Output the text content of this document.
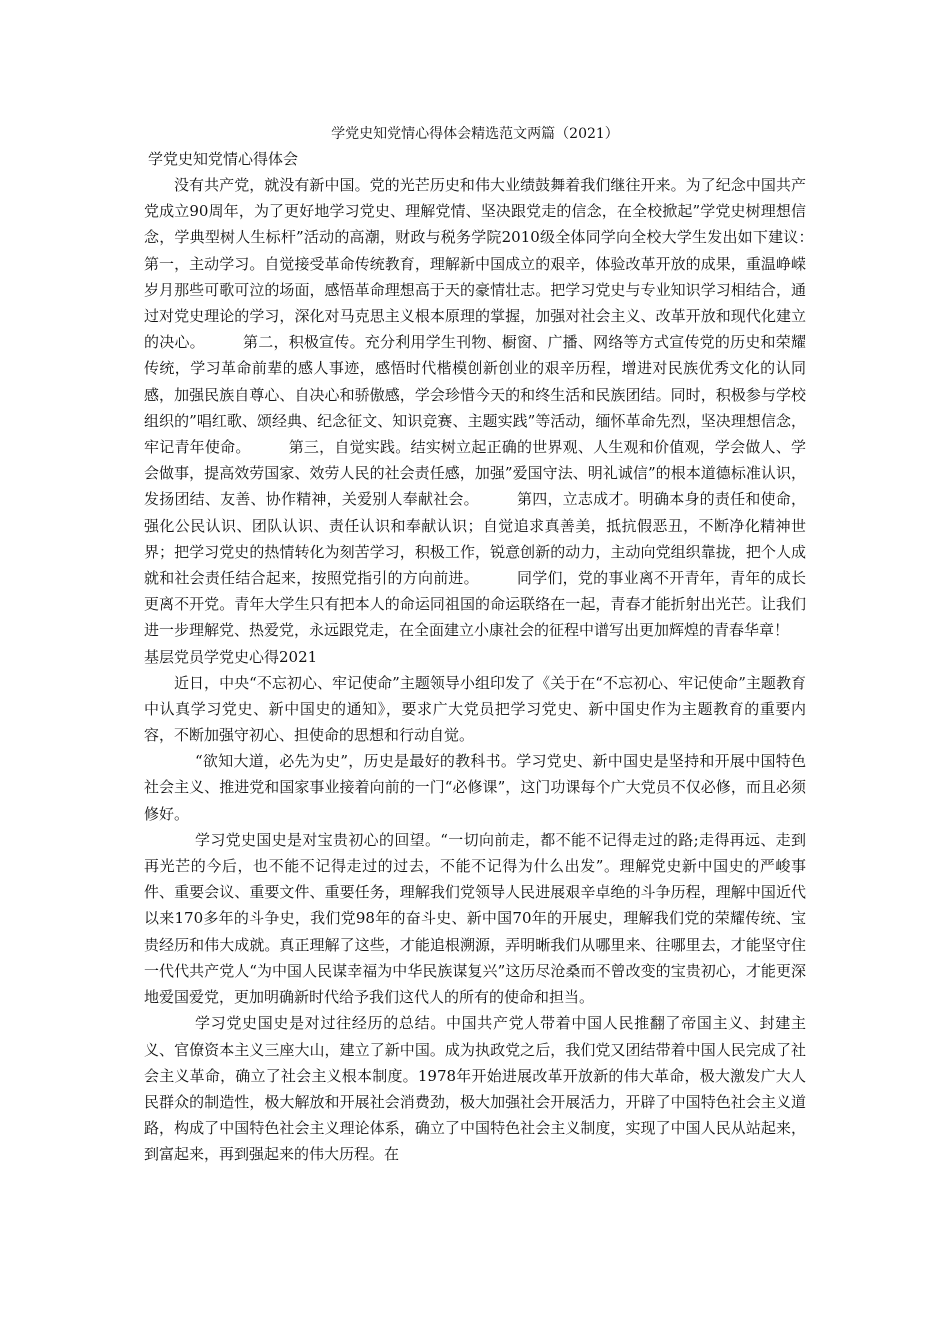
学党史知党情心得体会精选范文两篇（2021）
学党史知党情心得体会

没有共产党，就没有新中国。党的光芒历史和伟大业绩鼓舞着我们继往开来。为了纪念中国共产党成立90周年，为了更好地学习党史、理解党情、坚决跟党走的信念，在全校掀起”学党史树理想信念，学典型树人生标杆”活动的高潮，财政与税务学院2010级全体同学向全校大学生发出如下建议：　　　第一，主动学习。自觉接受革命传统教育，理解新中国成立的艰辛，体验改革开放的成果，重温峥嵘岁月那些可歌可泣的场面，感悟革命理想高于天的豪情壮志。把学习党史与专业知识学习相结合，通过对党史理论的学习，深化对马克思主义根本原理的掌握，加强对社会主义、改革开放和现代化建立的决心。　　　第二，积极宣传。充分利用学生刊物、橱窗、广播、网络等方式宣传党的历史和荣耀传统，学习革命前辈的感人事迹，感悟时代楷模创新创业的艰辛历程，增进对民族优秀文化的认同感，加强民族自尊心、自决心和骄傲感，学会珍惜今天的和终生活和民族团结。同时，积极参与学校组织的”唱红歌、颂经典、纪念征文、知识竞赛、主题实践”等活动，缅怀革命先烈，坚决理想信念，牢记青年使命。　　　第三，自觉实践。结实树立起正确的世界观、人生观和价值观，学会做人、学会做事，提高效劳国家、效劳人民的社会责任感，加强”爱国守法、明礼诚信”的根本道德标准认识，发扬团结、友善、协作精神，关爱别人奉献社会。　　　第四，立志成才。明确本身的责任和使命，强化公民认识、团队认识、责任认识和奉献认识；自觉追求真善美，抵抗假恶丑，不断净化精神世界；把学习党史的热情转化为刻苦学习，积极工作，锐意创新的动力，主动向党组织靠拢，把个人成就和社会责任结合起来，按照党指引的方向前进。　　　同学们，党的事业离不开青年，青年的成长更离不开党。青年大学生只有把本人的命运同祖国的命运联络在一起，青春才能折射出光芒。让我们进一步理解党、热爱党，永远跟党走，在全面建立小康社会的征程中谱写出更加辉煌的青春华章！

基层党员学党史心得2021

近日，中央“不忘初心、牢记使命”主题领导小组印发了《关于在“不忘初心、牢记使命”主题教育中认真学习党史、新中国史的通知》，要求广大党员把学习党史、新中国史作为主题教育的重要内容，不断加强守初心、担使命的思想和行动自觉。

“欲知大道，必先为史”，历史是最好的教科书。学习党史、新中国史是坚持和开展中国特色社会主义、推进党和国家事业接着向前的一门“必修课”，这门功课每个广大党员不仅必修，而且必须修好。

学习党史国史是对宝贵初心的回望。“一切向前走，都不能不记得走过的路;走得再远、走到再光芒的今后，也不能不记得走过的过去，不能不记得为什么出发”。理解党史新中国史的严峻事件、重要会议、重要文件、重要任务，理解我们党领导人民进展艰辛卓绝的斗争历程，理解中国近代以来170多年的斗争史，我们党98年的奋斗史、新中国70年的开展史，理解我们党的荣耀传统、宝贵经历和伟大成就。真正理解了这些，才能追根溯源，弄明晰我们从哪里来、往哪里去，才能坚守住一代代共产党人“为中国人民谋幸福为中华民族谋复兴”这历尽沧桑而不曾改变的宝贵初心，才能更深地爱国爱党，更加明确新时代给予我们这代人的所有的使命和担当。

学习党史国史是对过往经历的总结。中国共产党人带着中国人民推翻了帝国主义、封建主义、官僚资本主义三座大山，建立了新中国。成为执政党之后，我们党又团结带着中国人民完成了社会主义革命，确立了社会主义根本制度。1978年开始进展改革开放新的伟大革命，极大激发广大人民群众的制造性，极大解放和开展社会消费劲，极大加强社会开展活力，开辟了中国特色社会主义道路，构成了中国特色社会主义理论体系，确立了中国特色社会主义制度，实现了中国人民从站起来，到富起来，再到强起来的伟大历程。在
